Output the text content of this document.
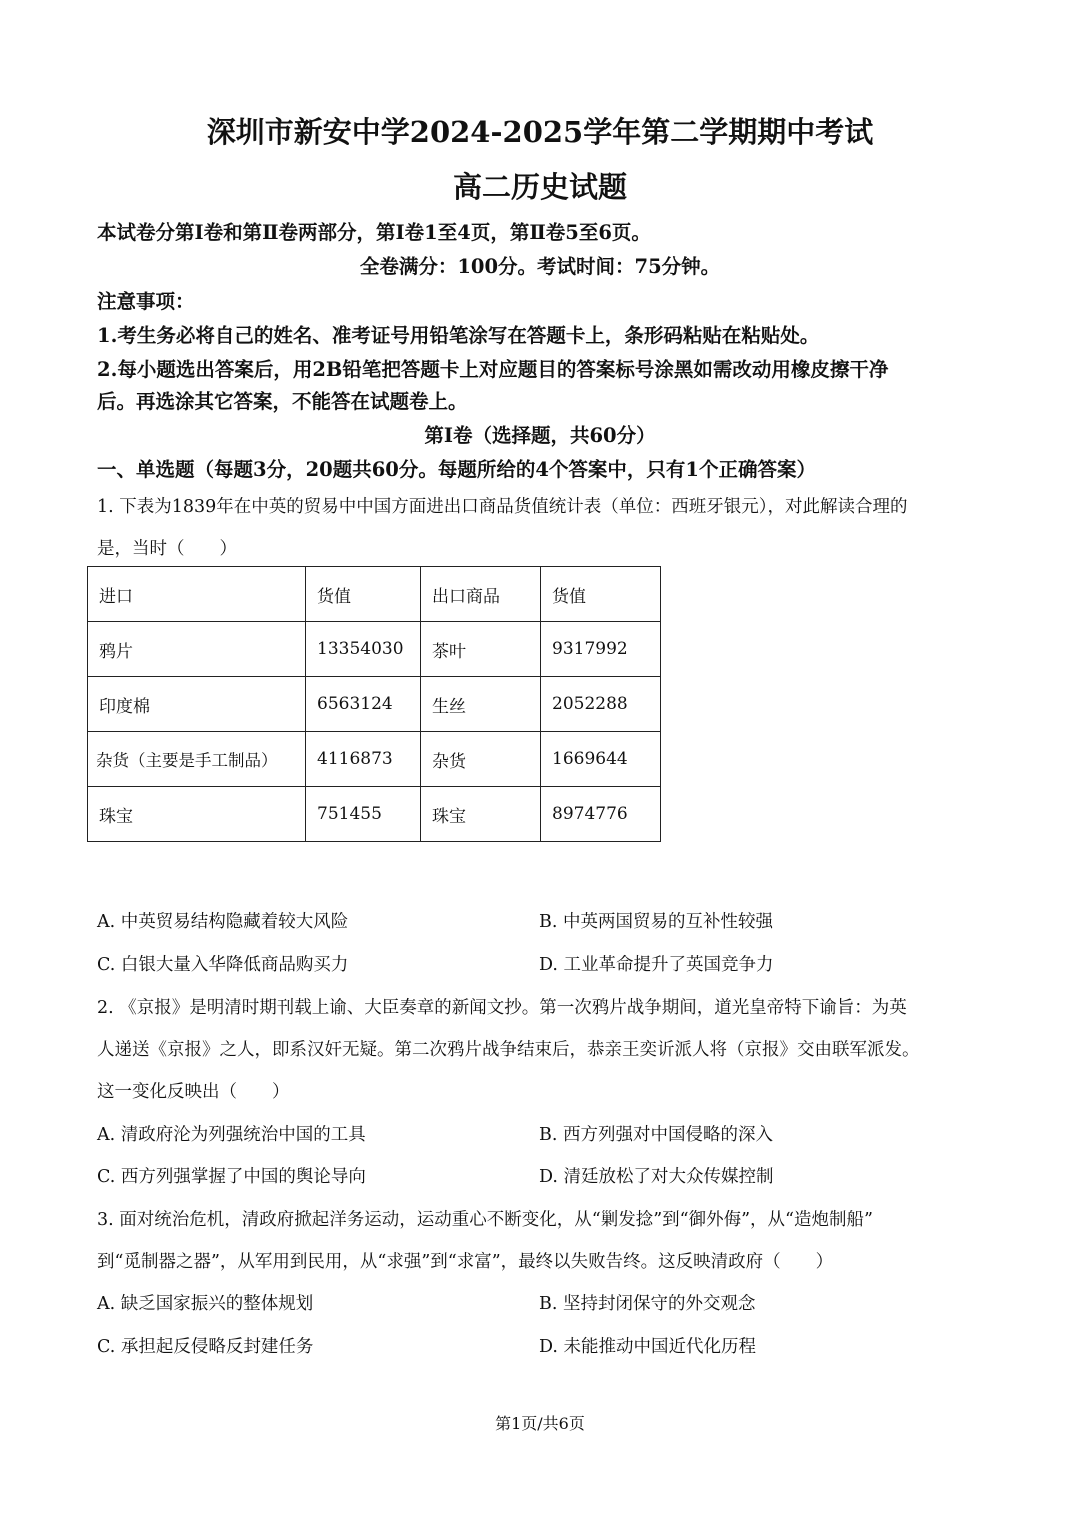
深圳市新安中学2024-2025学年第二学期期中考试
高二历史试题
本试卷分第Ⅰ卷和第Ⅱ卷两部分，第Ⅰ卷1至4页，第Ⅱ卷5至6页。
全卷满分：100分。考试时间：75分钟。
注意事项：
1.考生务必将自己的姓名、准考证号用铅笔涂写在答题卡上，条形码粘贴在粘贴处。
2.每小题选出答案后，用2B铅笔把答题卡上对应题目的答案标号涂黑如需改动用橡皮擦干净
后。再选涂其它答案，不能答在试题卷上。
第Ⅰ卷（选择题，共60分）
一、单选题（每题3分，20题共60分。每题所给的4个答案中，只有1个正确答案）
1. 下表为1839年在中英的贸易中中国方面进出口商品货值统计表（单位：西班牙银元），对此解读合理的
是，当时（　　）
进口	货值	出口商品	货值
鸦片	13354030	茶叶	9317992
印度棉	6563124	生丝	2052288
杂货（主要是手工制品）	4116873	杂货	1669644
珠宝	751455	珠宝	8974776
A. 中英贸易结构隐藏着较大风险	B. 中英两国贸易的互补性较强
C. 白银大量入华降低商品购买力	D. 工业革命提升了英国竞争力
2. 《京报》是明清时期刊载上谕、大臣奏章的新闻文抄。第一次鸦片战争期间，道光皇帝特下谕旨：为英
人递送《京报》之人，即系汉奸无疑。第二次鸦片战争结束后，恭亲王奕䜣派人将（京报》交由联军派发。
这一变化反映出（　　）
A. 清政府沦为列强统治中国的工具	B. 西方列强对中国侵略的深入
C. 西方列强掌握了中国的舆论导向	D. 清廷放松了对大众传媒控制
3. 面对统治危机，清政府掀起洋务运动，运动重心不断变化，从“剿发捻”到“御外侮”，从“造炮制船”
到“觅制器之器”，从军用到民用，从“求强”到“求富”，最终以失败告终。这反映清政府（　　）
A. 缺乏国家振兴的整体规划	B. 坚持封闭保守的外交观念
C. 承担起反侵略反封建任务	D. 未能推动中国近代化历程
第1页/共6页
